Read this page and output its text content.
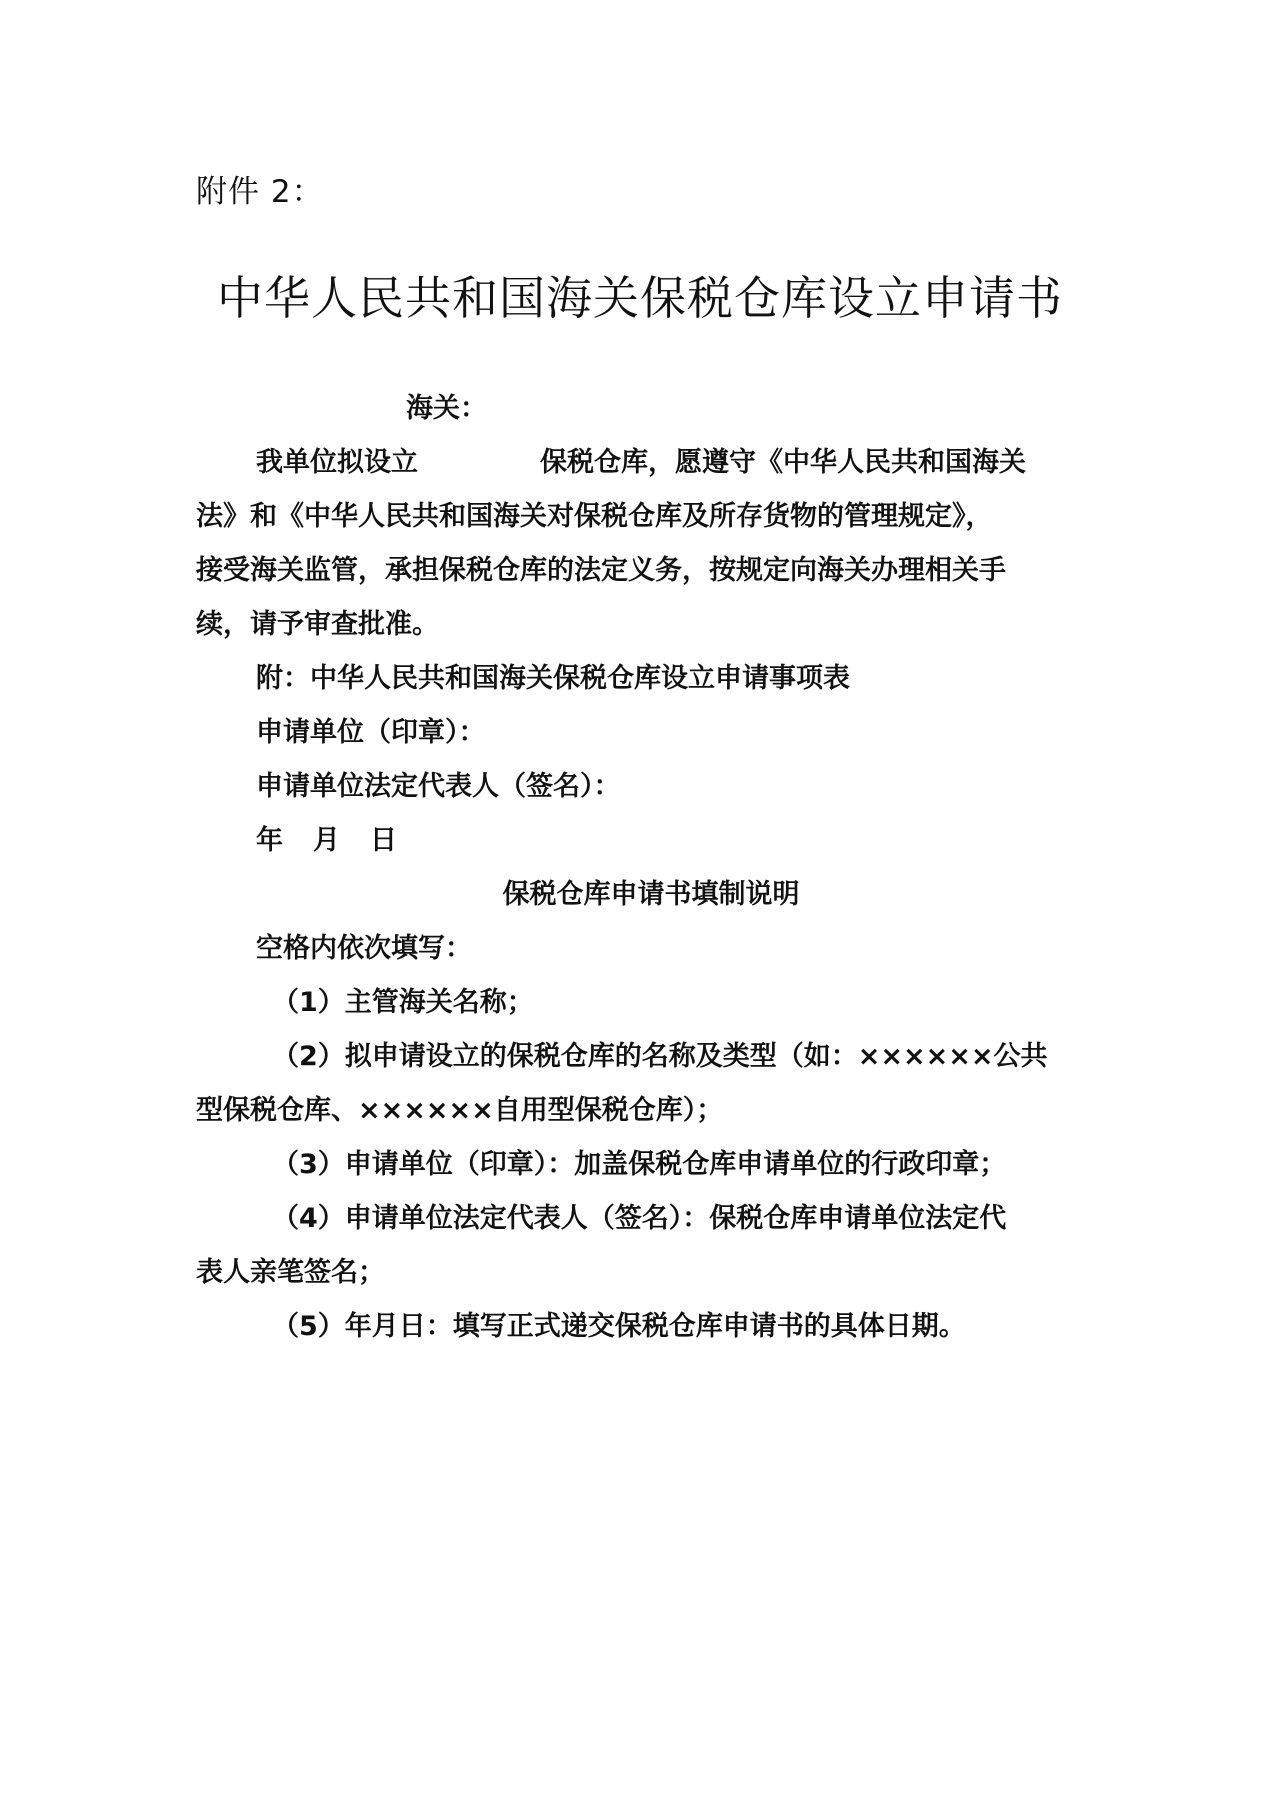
附件 2：
中华人民共和国海关保税仓库设立申请书
海关：
我单位拟设立	保税仓库，愿遵守《中华人民共和国海关
法》和《中华人民共和国海关对保税仓库及所存货物的管理规定》，
接受海关监管，承担保税仓库的法定义务，按规定向海关办理相关手
续，请予审查批准。
附：中华人民共和国海关保税仓库设立申请事项表
申请单位（印章）：
申请单位法定代表人（签名）：
年 月 日
保税仓库申请书填制说明
空格内依次填写：
（1）主管海关名称；
（2）拟申请设立的保税仓库的名称及类型（如：××××××公共
型保税仓库、××××××自用型保税仓库）；
（3）申请单位（印章）：加盖保税仓库申请单位的行政印章；
（4）申请单位法定代表人（签名）：保税仓库申请单位法定代
表人亲笔签名；
（5）年月日：填写正式递交保税仓库申请书的具体日期。
